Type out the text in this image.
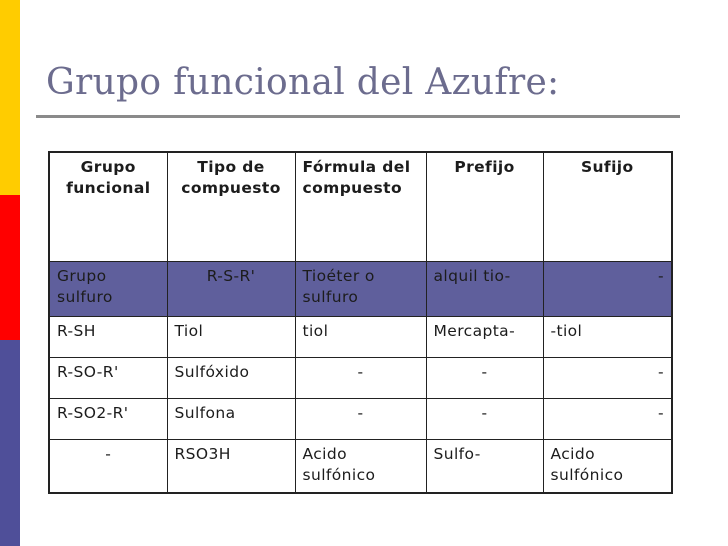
Grupo funcional del Azufre:
Grupo funcional	Tipo de compuesto	Fórmula del compuesto	Prefijo	Sufijo
Grupo sulfuro	R-S-R'	Tioéter o sulfuro	alquil tio-	-
R-SH	Tiol	tiol	Mercapta-	-tiol
R-SO-R'	Sulfóxido	-	-	-
R-SO2-R'	Sulfona	-	-	-
-	RSO3H	Acido sulfónico	Sulfo-	Acido sulfónico
